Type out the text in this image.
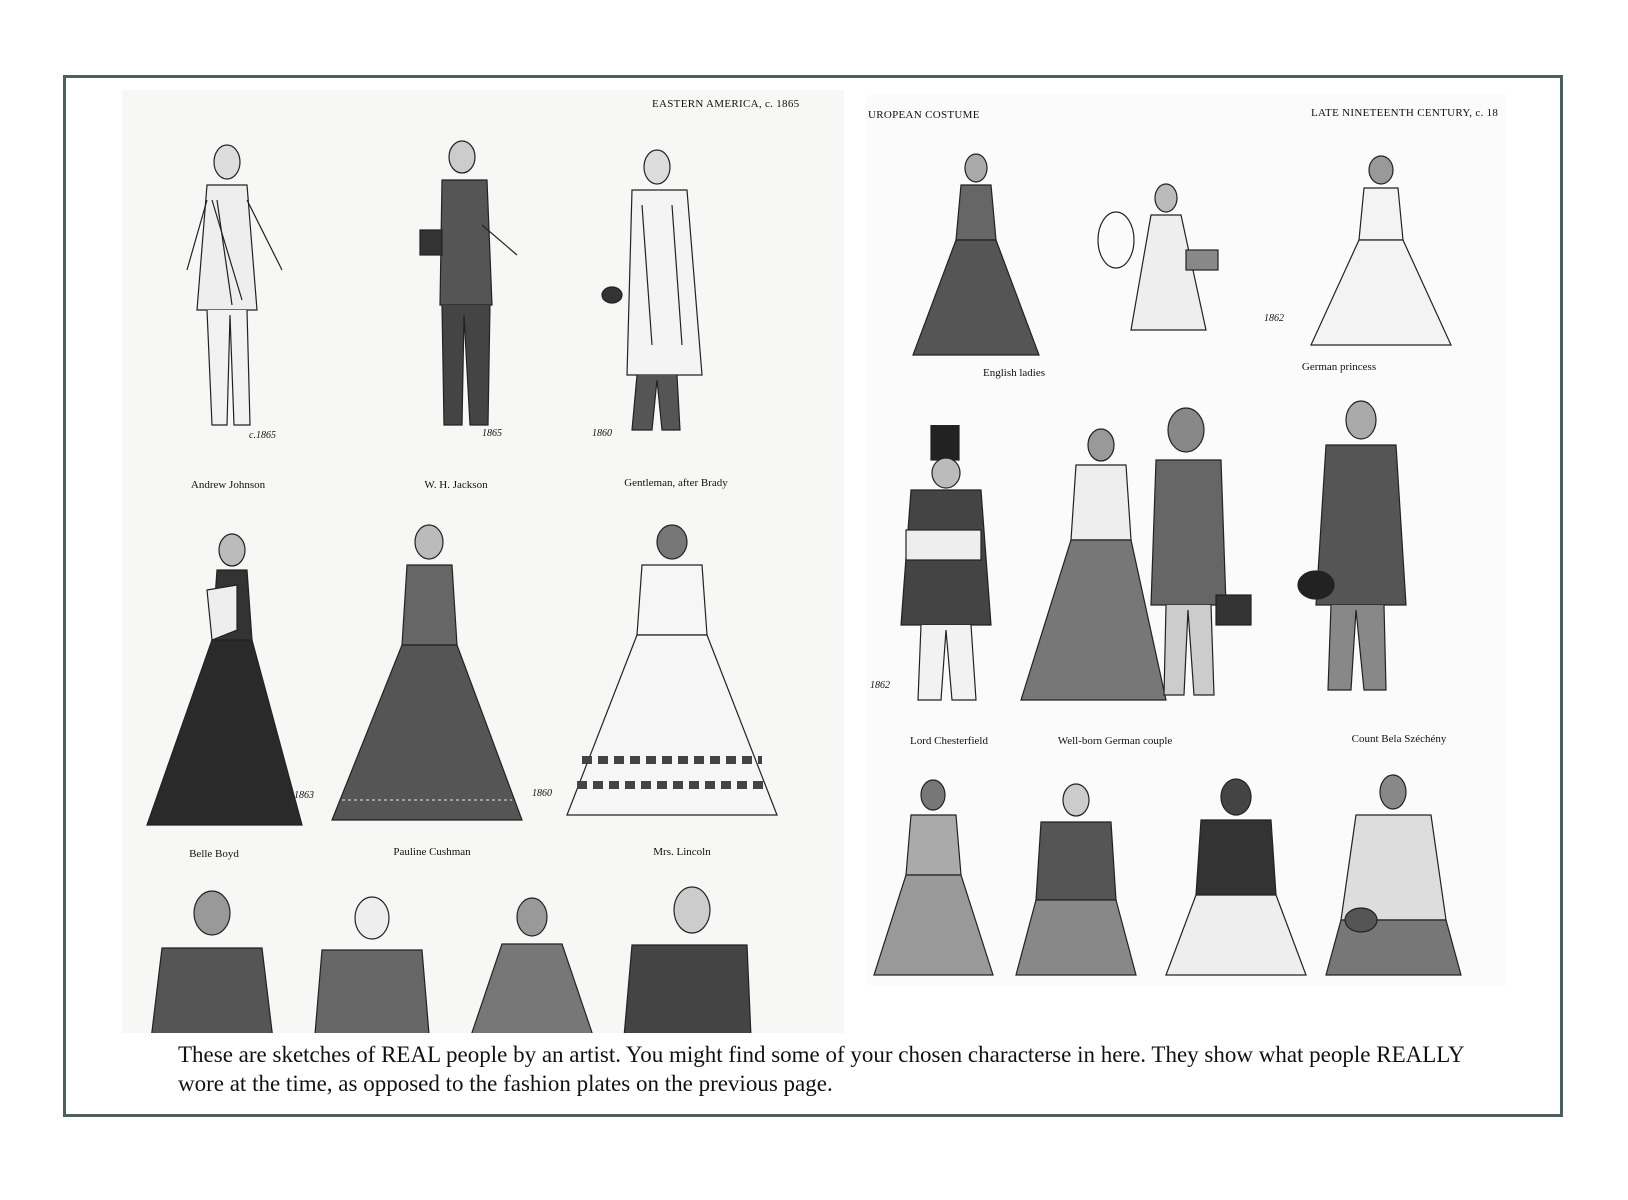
EASTERN AMERICA, c. 1865
c.1865	1865	1860
Andrew Johnson	W. H. Jackson	Gentleman, after Brady
1863	1860
Belle Boyd	Pauline Cushman	Mrs. Lincoln
UROPEAN COSTUME	LATE NINETEENTH CENTURY, c. 18
1862
English ladies	German princess
1862
Lord Chesterfield	Well-born German couple	Count Bela Széchény
These are sketches of REAL people by an artist. You might find some of your chosen characterse in here. They show what people REALLY wore at the time, as opposed to the fashion plates on the previous page.
